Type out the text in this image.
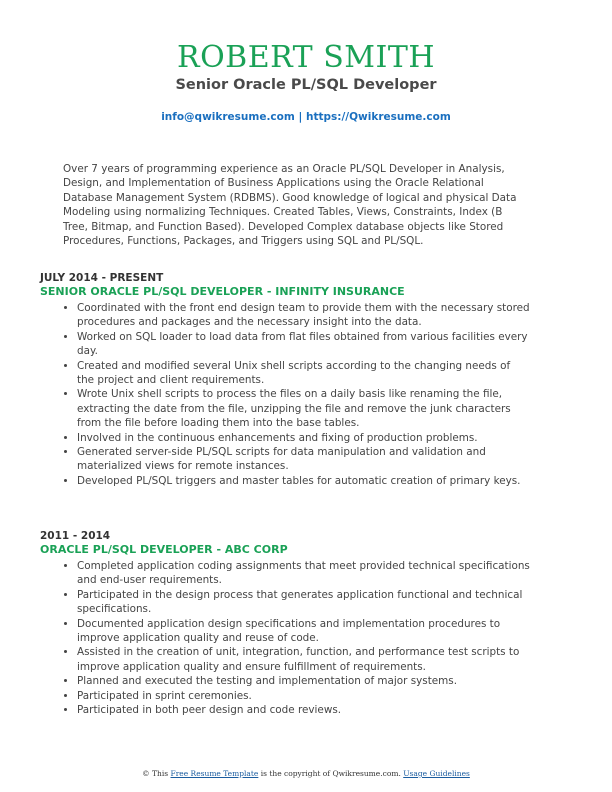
ROBERT SMITH
Senior Oracle PL/SQL Developer
info@qwikresume.com | https://Qwikresume.com
Over 7 years of programming experience as an Oracle PL/SQL Developer in Analysis, Design, and Implementation of Business Applications using the Oracle Relational Database Management System (RDBMS). Good knowledge of logical and physical Data Modeling using normalizing Techniques. Created Tables, Views, Constraints, Index (B Tree, Bitmap, and Function Based). Developed Complex database objects like Stored Procedures, Functions, Packages, and Triggers using SQL and PL/SQL.
JULY 2014 - PRESENT
SENIOR ORACLE PL/SQL DEVELOPER - INFINITY INSURANCE
• Coordinated with the front end design team to provide them with the necessary stored procedures and packages and the necessary insight into the data.
• Worked on SQL loader to load data from flat files obtained from various facilities every day.
• Created and modified several Unix shell scripts according to the changing needs of the project and client requirements.
• Wrote Unix shell scripts to process the files on a daily basis like renaming the file, extracting the date from the file, unzipping the file and remove the junk characters from the file before loading them into the base tables.
• Involved in the continuous enhancements and fixing of production problems.
• Generated server-side PL/SQL scripts for data manipulation and validation and materialized views for remote instances.
• Developed PL/SQL triggers and master tables for automatic creation of primary keys.
2011 - 2014
ORACLE PL/SQL DEVELOPER - ABC CORP
• Completed application coding assignments that meet provided technical specifications and end-user requirements.
• Participated in the design process that generates application functional and technical specifications.
• Documented application design specifications and implementation procedures to improve application quality and reuse of code.
• Assisted in the creation of unit, integration, function, and performance test scripts to improve application quality and ensure fulfillment of requirements.
• Planned and executed the testing and implementation of major systems.
• Participated in sprint ceremonies.
• Participated in both peer design and code reviews.
© This Free Resume Template is the copyright of Qwikresume.com. Usage Guidelines
